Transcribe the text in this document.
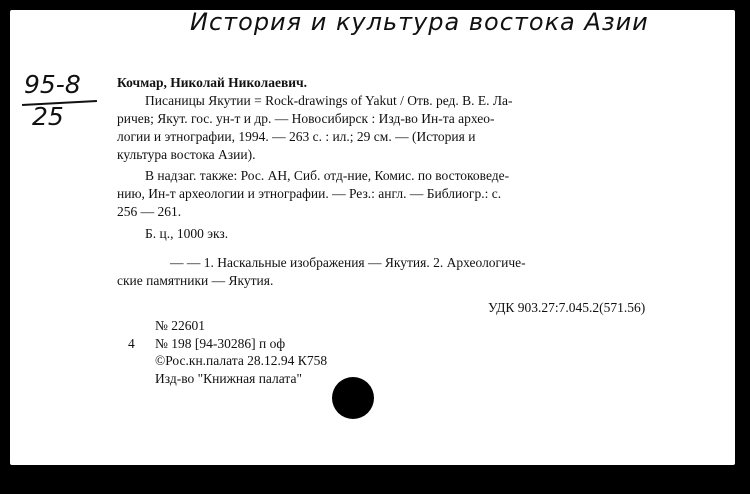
История и культура востока Азии
95-8
25
Кочмар, Николай Николаевич.
Писаницы Якутии = Rock-drawings of Yakut / Отв. ред. В. Е. Ла-
ричев; Якут. гос. ун-т и др. — Новосибирск : Изд-во Ин-та архео-
логии и этнографии, 1994. — 263 с. : ил.; 29 см. — (История и
культура востока Азии).
В надзаг. также: Рос. АН, Сиб. отд-ние, Комис. по востоковеде-
нию, Ин-т археологии и этнографии. — Рез.: англ. — Библиогр.: с.
256 — 261.
Б. ц., 1000 экз.
— — 1. Наскальные изображения — Якутия. 2. Археологиче-
ские памятники — Якутия.
УДК 903.27:7.045.2(571.56)
№ 22601
4 № 198 [94-30286] п оф
©Рос.кн.палата 28.12.94 К758
Изд-во "Книжная палата"
